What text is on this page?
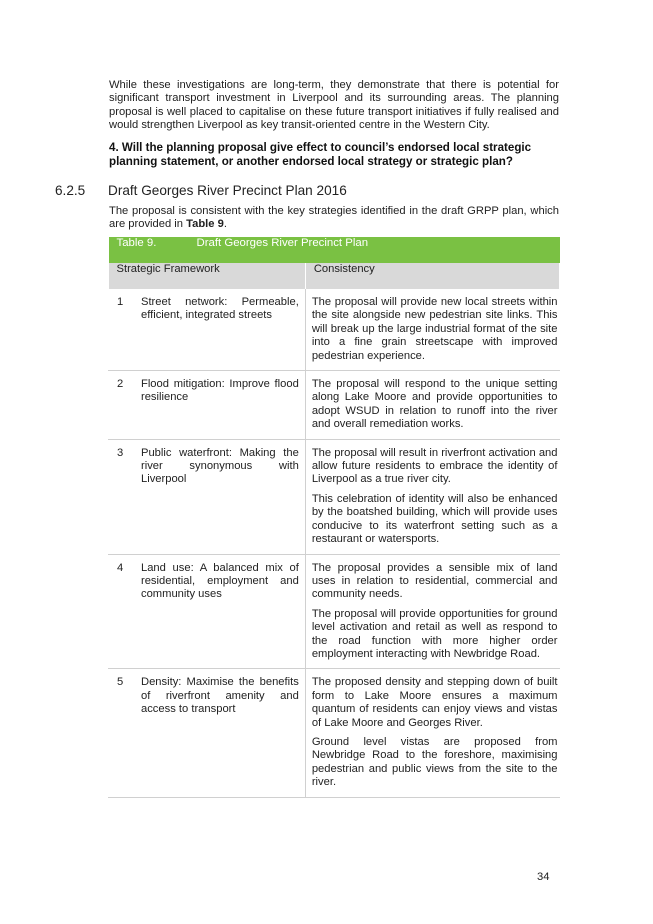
While these investigations are long-term, they demonstrate that there is potential for significant transport investment in Liverpool and its surrounding areas. The planning proposal is well placed to capitalise on these future transport initiatives if fully realised and would strengthen Liverpool as key transit-oriented centre in the Western City.

4. Will the planning proposal give effect to council’s endorsed local strategic planning statement, or another endorsed local strategy or strategic plan?

6.2.5 Draft Georges River Precinct Plan 2016

The proposal is consistent with the key strategies identified in the draft GRPP plan, which are provided in Table 9.

Table 9. Draft Georges River Precinct Plan		
Strategic Framework		Consistency
1	Street network: Permeable, efficient, integrated streets	The proposal will provide new local streets within the site alongside new pedestrian site links. This will break up the large industrial format of the site into a fine grain streetscape with improved pedestrian experience.

2	Flood mitigation: Improve flood resilience	The proposal will respond to the unique setting along Lake Moore and provide opportunities to adopt WSUD in relation to runoff into the river and overall remediation works.

3	Public waterfront: Making the river synonymous with Liverpool	The proposal will result in riverfront activation and allow future residents to embrace the identity of Liverpool as a true river city.

This celebration of identity will also be enhanced by the boatshed building, which will provide uses conducive to its waterfront setting such as a restaurant or watersports.

4	Land use: A balanced mix of residential, employment and community uses	The proposal provides a sensible mix of land uses in relation to residential, commercial and community needs.

The proposal will provide opportunities for ground level activation and retail as well as respond to the road function with more higher order employment interacting with Newbridge Road.

5	Density: Maximise the benefits of riverfront amenity and access to transport	The proposed density and stepping down of built form to Lake Moore ensures a maximum quantum of residents can enjoy views and vistas of Lake Moore and Georges River.

Ground level vistas are proposed from Newbridge Road to the foreshore, maximising pedestrian and public views from the site to the river.

34
